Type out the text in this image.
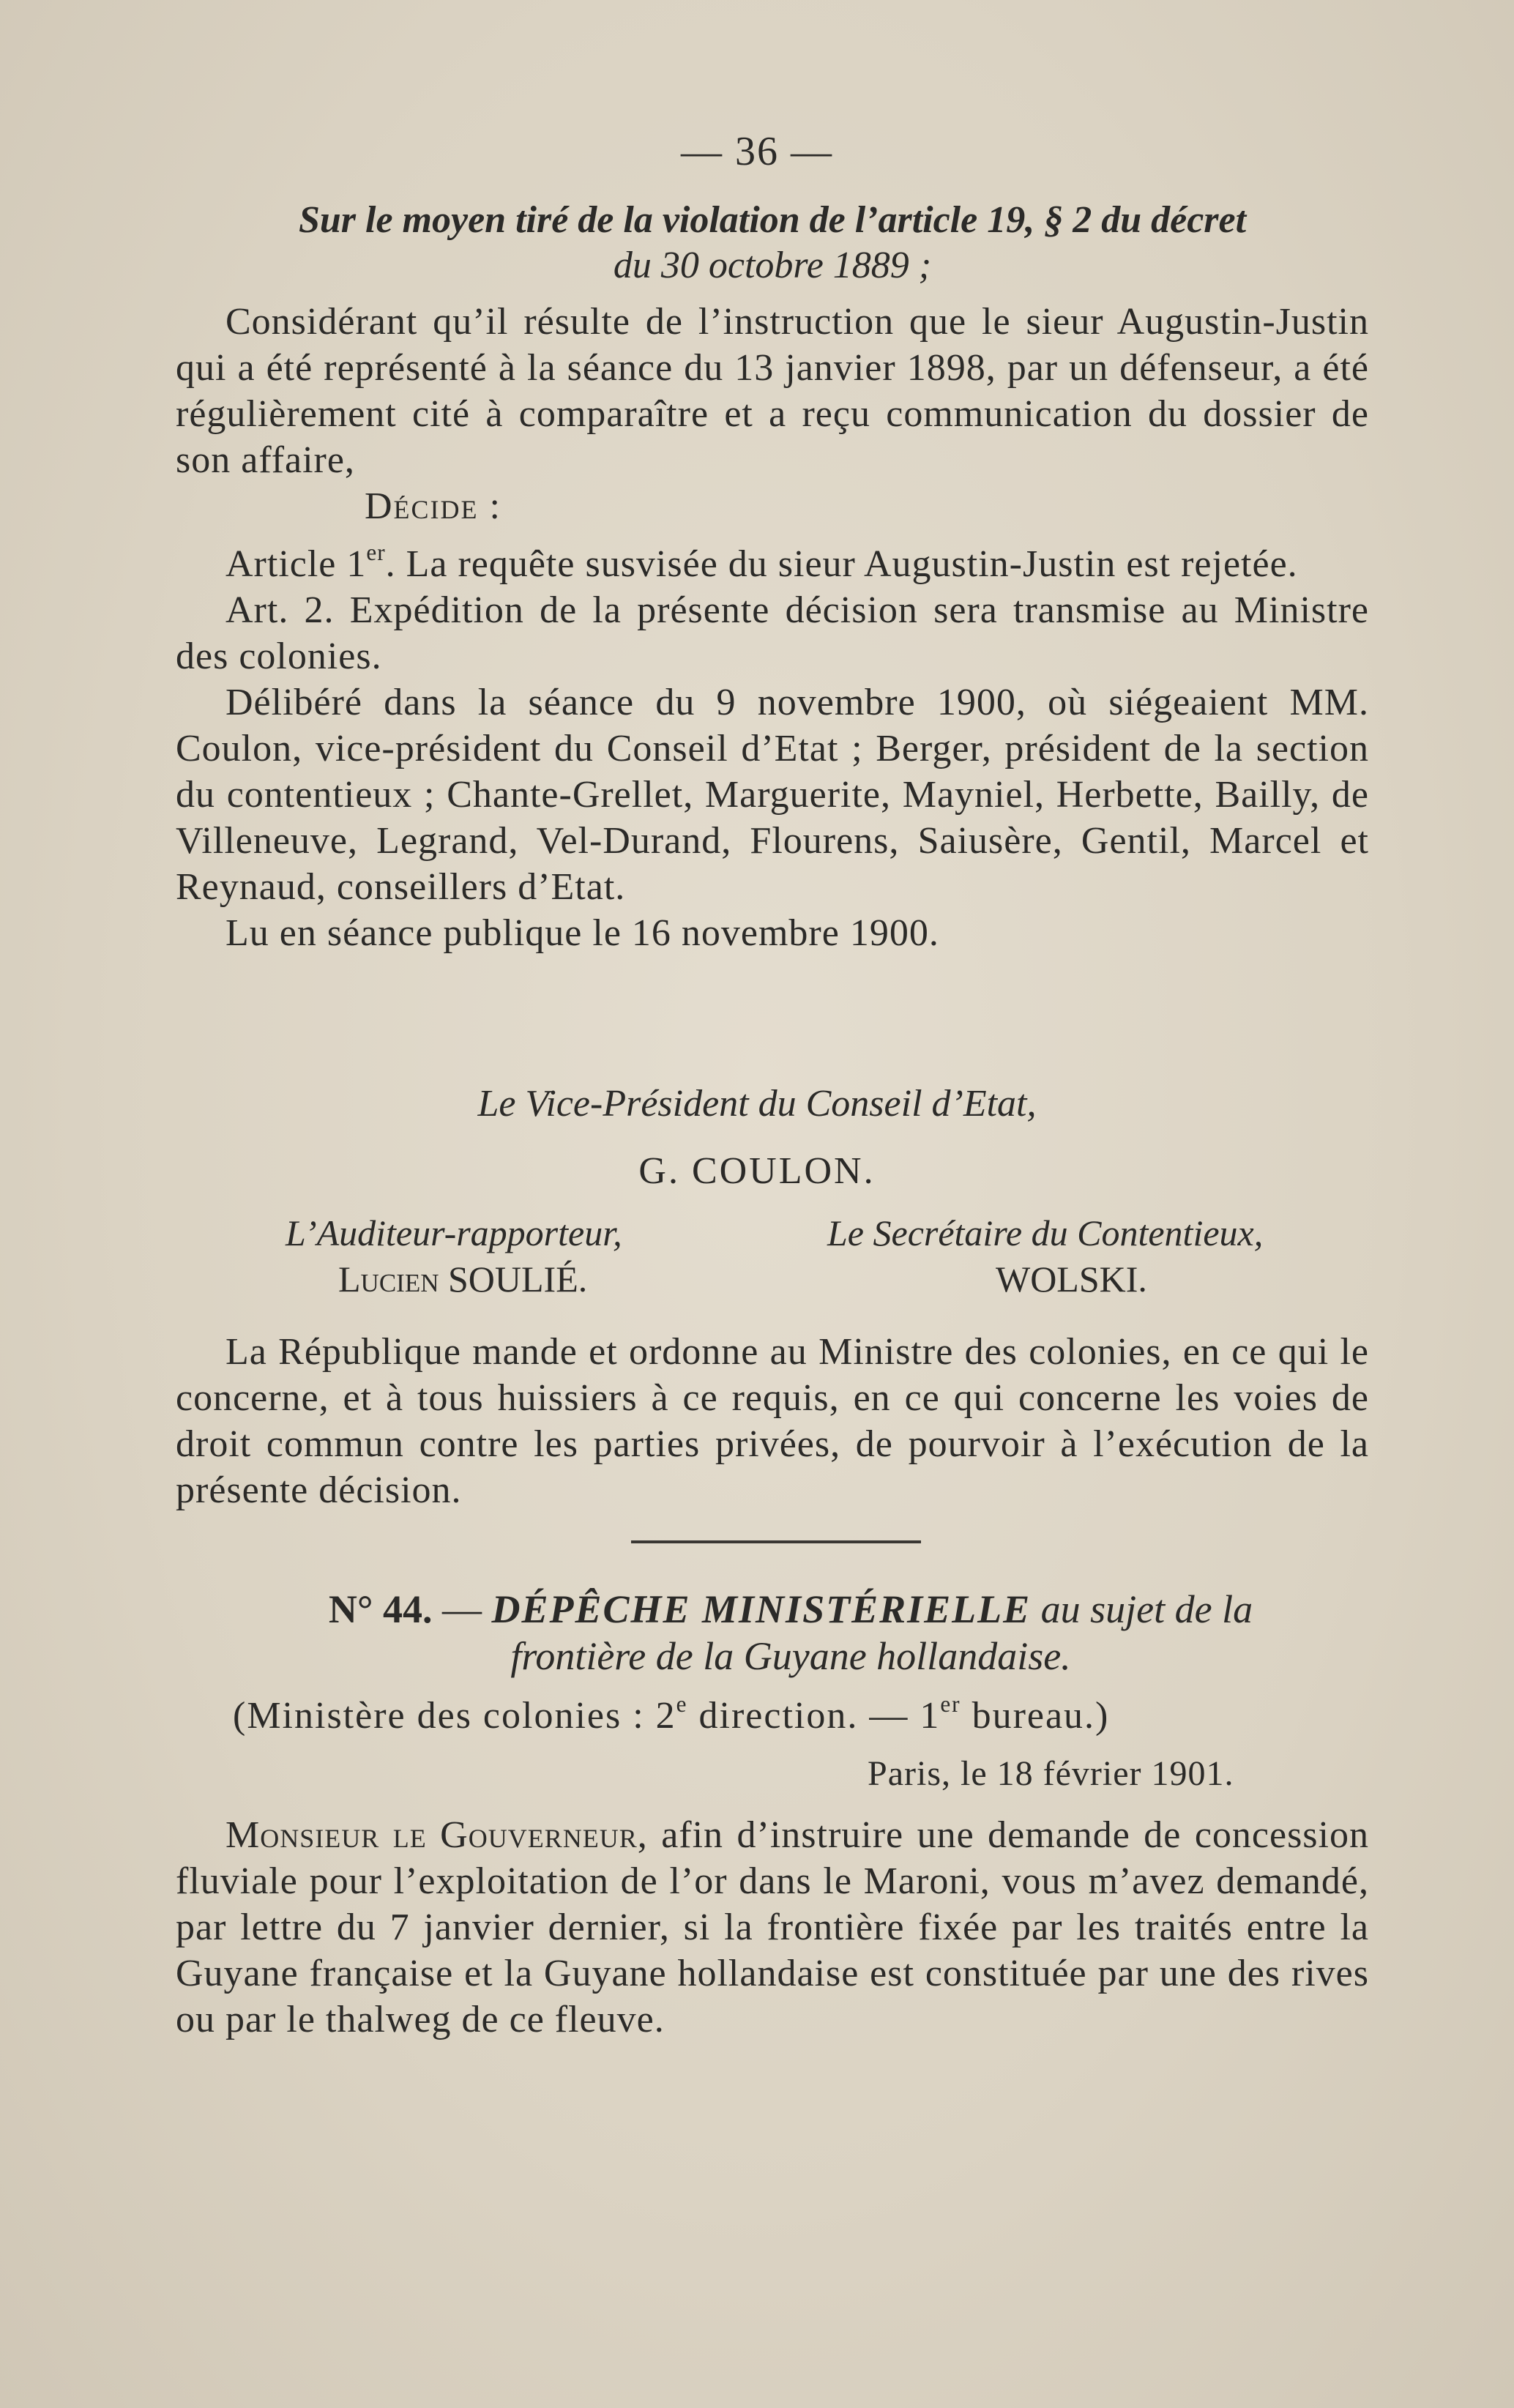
— 36 —
Sur le moyen tiré de la violation de l’article 19, § 2 du décret
du 30 octobre 1889 ;

Considérant qu’il résulte de l’instruction que le sieur Augustin-Justin qui a été représenté à la séance du 13 janvier 1898, par un défenseur, a été régulièrement cité à comparaître et a reçu communication du dossier de son affaire,

Décide :

Article 1er. La requête susvisée du sieur Augustin-Justin est rejetée.

Art. 2. Expédition de la présente décision sera transmise au Ministre des colonies.

Délibéré dans la séance du 9 novembre 1900, où siégeaient MM. Coulon, vice-président du Conseil d’Etat ; Berger, président de la section du contentieux ; Chante-Grellet, Marguerite, Mayniel, Herbette, Bailly, de Villeneuve, Legrand, Vel-Durand, Flourens, Saiusère, Gentil, Marcel et Reynaud, conseillers d’Etat.

Lu en séance publique le 16 novembre 1900.

Le Vice-Président du Conseil d’Etat,
G. COULON.
L’Auditeur-rapporteur,	Le Secrétaire du Contentieux,
Lucien SOULIÉ.	WOLSKI.

La République mande et ordonne au Ministre des colonies, en ce qui le concerne, et à tous huissiers à ce requis, en ce qui concerne les voies de droit commun contre les parties privées, de pourvoir à l’exécution de la présente décision.

N° 44. — DÉPÊCHE MINISTÉRIELLE au sujet de la
frontière de la Guyane hollandaise.
(Ministère des colonies : 2e direction. — 1er bureau.)
Paris, le 18 février 1901.

Monsieur le Gouverneur, afin d’instruire une demande de concession fluviale pour l’exploitation de l’or dans le Maroni, vous m’avez demandé, par lettre du 7 janvier dernier, si la frontière fixée par les traités entre la Guyane française et la Guyane hollandaise est constituée par une des rives ou par le thalweg de ce fleuve.
